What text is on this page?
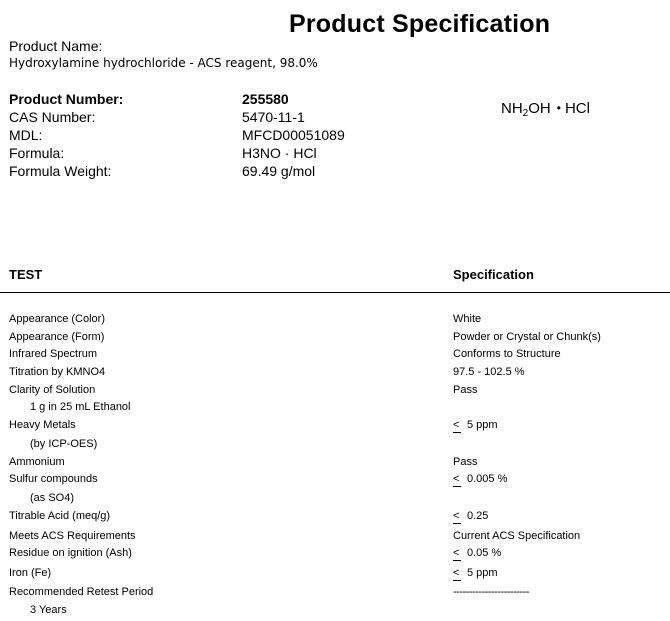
Product Specification
Product Name:
Hydroxylamine hydrochloride - ACS reagent, 98.0%
Product Number:	255580
CAS Number:	5470-11-1
MDL:	MFCD00051089
Formula:	H3NO · HCl
Formula Weight:	69.49 g/mol
$NH_2OH$ • HCl
TEST	Specification
Appearance (Color)	White
Appearance (Form)	Powder or Crystal or Chunk(s)
Infrared Spectrum	Conforms to Structure
Titration by KMNO4	97.5 - 102.5 %
Clarity of Solution	Pass
1 g in 25 mL Ethanol
Heavy Metals	< 5 ppm
(by ICP-OES)
Ammonium	Pass
Sulfur compounds	< 0.005 %
(as SO4)
Titrable Acid (meq/g)	< 0.25
Meets ACS Requirements	Current ACS Specification
Residue on ignition (Ash)	< 0.05 %
Iron (Fe)	< 5 ppm
Recommended Retest Period	------------------------
3 Years
